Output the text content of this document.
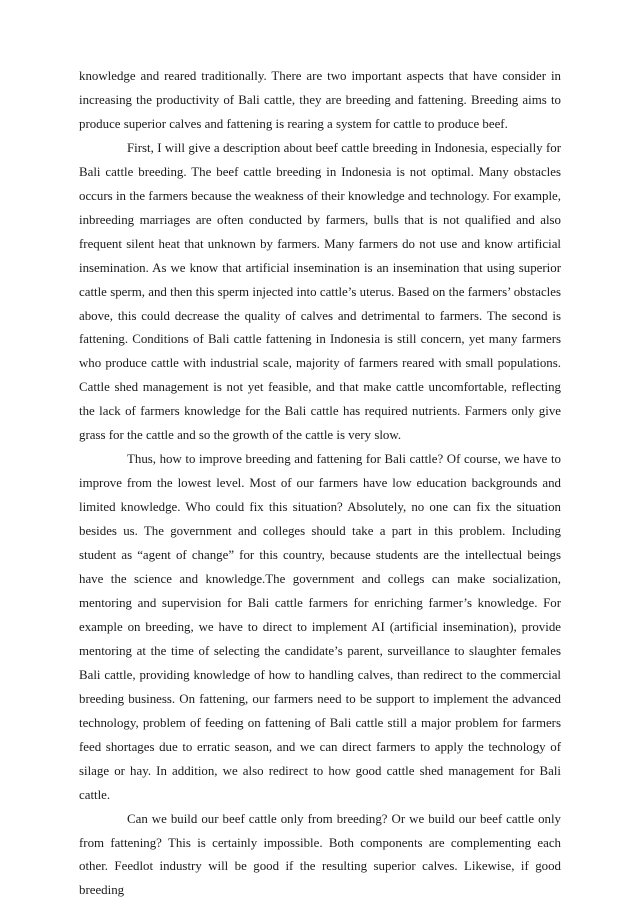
knowledge and reared traditionally. There are two important aspects that have consider in increasing the productivity of Bali cattle, they are breeding and fattening. Breeding aims to produce superior calves and fattening is rearing a system for cattle to produce beef.

First, I will give a description about beef cattle breeding in Indonesia, especially for Bali cattle breeding. The beef cattle breeding in Indonesia is not optimal. Many obstacles occurs in the farmers because the weakness of their knowledge and technology. For example, inbreeding marriages are often conducted by farmers, bulls that is not qualified and also frequent silent heat that unknown by farmers. Many farmers do not use and know artificial insemination. As we know that artificial insemination is an insemination that using superior cattle sperm, and then this sperm injected into cattle’s uterus. Based on the farmers’ obstacles above, this could decrease the quality of calves and detrimental to farmers. The second is fattening. Conditions of Bali cattle fattening in Indonesia is still concern, yet many farmers who produce cattle with industrial scale, majority of farmers reared with small populations. Cattle shed management is not yet feasible, and that make cattle uncomfortable, reflecting the lack of farmers knowledge for the Bali cattle has required nutrients. Farmers only give grass for the cattle and so the growth of the cattle is very slow.

Thus, how to improve breeding and fattening for Bali cattle? Of course, we have to improve from the lowest level. Most of our farmers have low education backgrounds and limited knowledge. Who could fix this situation? Absolutely, no one can fix the situation besides us. The government and colleges should take a part in this problem. Including student as “agent of change” for this country, because students are the intellectual beings have the science and knowledge.The government and collegs can make socialization, mentoring and supervision for Bali cattle farmers for enriching farmer’s knowledge. For example on breeding, we have to direct to implement AI (artificial insemination), provide mentoring at the time of selecting the candidate’s parent, surveillance to slaughter females Bali cattle, providing knowledge of how to handling calves, than redirect to the commercial breeding business. On fattening, our farmers need to be support to implement the advanced technology, problem of feeding on fattening of Bali cattle still a major problem for farmers feed shortages due to erratic season, and we can direct farmers to apply the technology of silage or hay. In addition, we also redirect to how good cattle shed management for Bali cattle.

Can we build our beef cattle only from breeding? Or we build our beef cattle only from fattening? This is certainly impossible. Both components are complementing each other. Feedlot industry will be good if the resulting superior calves. Likewise, if good breeding
